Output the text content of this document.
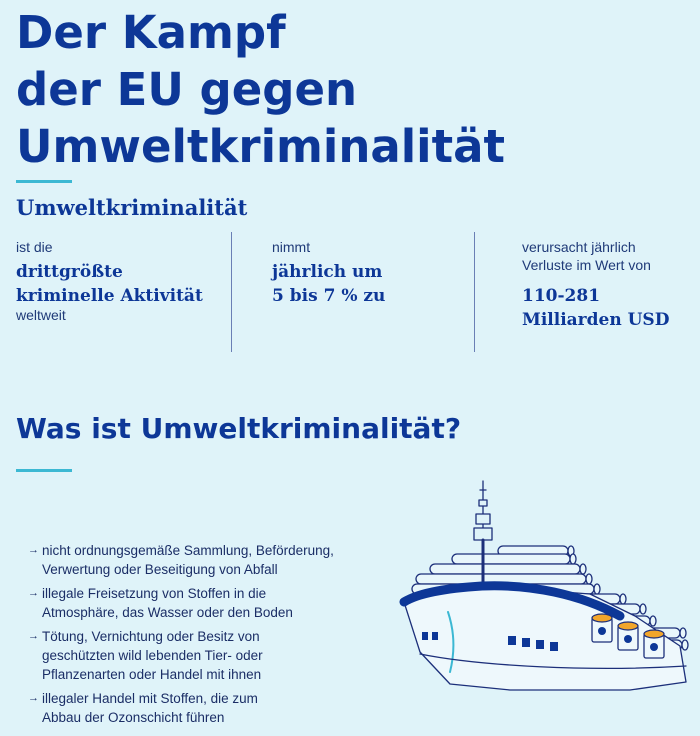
Der Kampf
der EU gegen
Umweltkriminalität
Umweltkriminalität
ist die
drittgrößte
kriminelle Aktivität
weltweit
nimmt
jährlich um
5 bis 7 % zu
verursacht jährlich
Verluste im Wert von
110-281
Milliarden USD
Was ist Umweltkriminalität?
→ nicht ordnungsgemäße Sammlung, Beförderung,
Verwertung oder Beseitigung von Abfall
→ illegale Freisetzung von Stoffen in die
Atmosphäre, das Wasser oder den Boden
→ Tötung, Vernichtung oder Besitz von
geschützten wild lebenden Tier- oder
Pflanzenarten oder Handel mit ihnen
→ illegaler Handel mit Stoffen, die zum
Abbau der Ozonschicht führen
